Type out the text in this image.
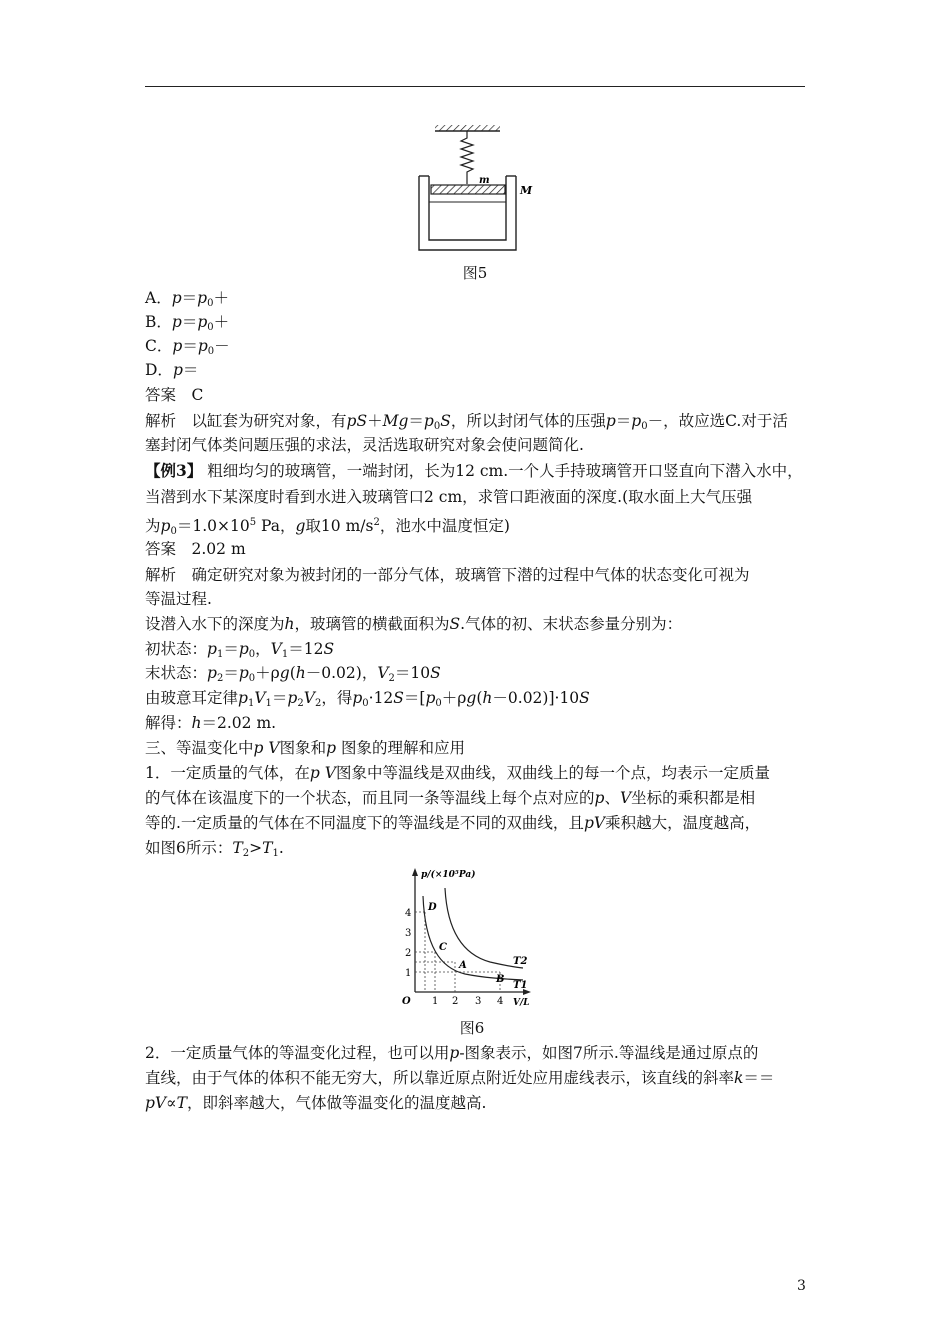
m
M
图5
A．$p=p_0+$
B．$p=p_0+$
C．$p=p_0-$
D．p＝
答案　C
解析　以缸套为研究对象，有$pS+Mg=p_0S$，所以封闭气体的压强$p=p_0-$，故应选C.对于活
塞封闭气体类问题压强的求法，灵活选取研究对象会使问题简化.
【例3】 粗细均匀的玻璃管，一端封闭，长为12 cm.一个人手持玻璃管开口竖直向下潜入水中，
当潜到水下某深度时看到水进入玻璃管口2 cm，求管口距液面的深度.(取水面上大气压强
为$p_0=1.0\times 10^5$ Pa，g取10 $m/s^2$，池水中温度恒定)
答案　2.02 m
解析　确定研究对象为被封闭的一部分气体，玻璃管下潜的过程中气体的状态变化可视为
等温过程.
设潜入水下的深度为h，玻璃管的横截面积为S.气体的初、末状态参量分别为：
初状态：$p_1=p_0$，$V_1=12S$
末状态：$p_2=p_0+\rho g(h-0.02)$，$V_2=10S$
由玻意耳定律$p_1V_1=p_2V_2$，得$p_0\cdot 12S=[p_0+\rho g(h-0.02)]\cdot 10S$
解得：h＝2.02 m.
三、等温变化中p V图象和p 图象的理解和应用
1．一定质量的气体，在p V图象中等温线是双曲线，双曲线上的每一个点，均表示一定质量
的气体在该温度下的一个状态，而且同一条等温线上每个点对应的p、V坐标的乘积都是相
等的.一定质量的气体在不同温度下的等温线是不同的双曲线，且pV乘积越大，温度越高，
如图6所示：$T_2>T_1$.
1
2
3
4
1 2 3 4
O	V/L
p/(×10⁵Pa)
D
C
A
B
T2
T1
图6
2．一定质量气体的等温变化过程，也可以用p-图象表示，如图7所示.等温线是通过原点的
直线，由于气体的体积不能无穷大，所以靠近原点附近处应用虚线表示，该直线的斜率k＝＝
pV∝T，即斜率越大，气体做等温变化的温度越高.
3
